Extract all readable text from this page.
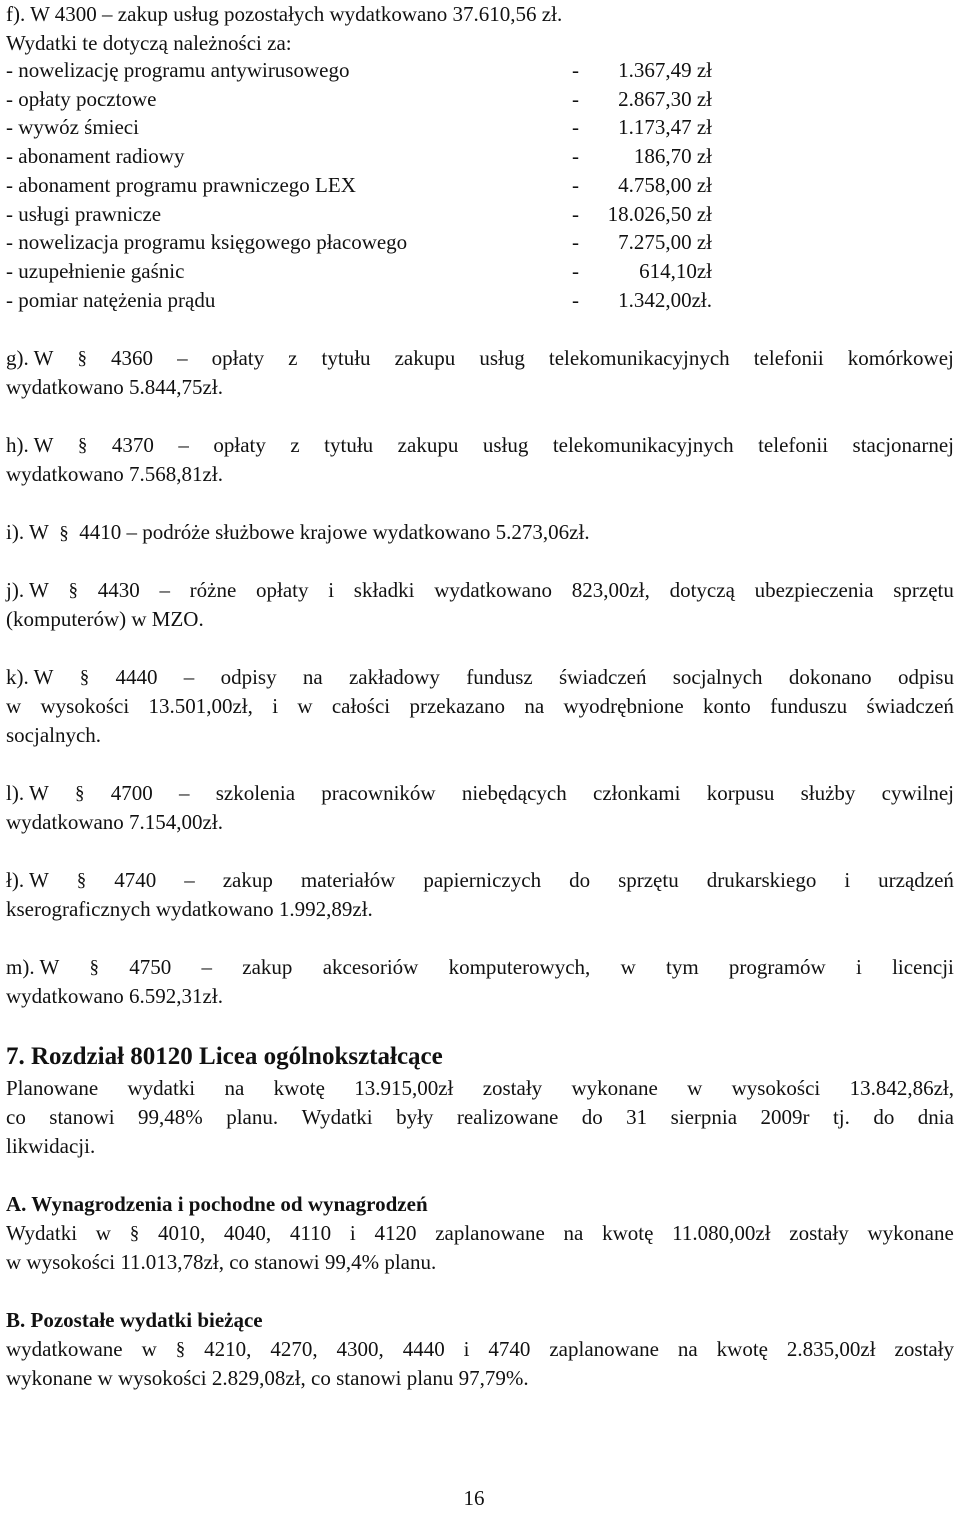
f). W 4300 – zakup usług pozostałych wydatkowano 37.610,56 zł.
Wydatki te dotyczą należności za:
- nowelizację programu antywirusowego	- 1.367,49 zł
- opłaty pocztowe	- 2.867,30 zł
- wywóz śmieci	- 1.173,47 zł
- abonament radiowy	-	186,70 zł
- abonament programu prawniczego LEX	- 4.758,00 zł
- usługi prawnicze	- 18.026,50 zł
- nowelizacja programu księgowego płacowego	- 7.275,00 zł
- uzupełnienie gaśnic	-	614,10zł
- pomiar natężenia prądu	- 1.342,00zł.
g). W § 4360 – opłaty z tytułu zakupu usług telekomunikacyjnych telefonii komórkowej
wydatkowano 5.844,75zł.
h). W § 4370 – opłaty z tytułu zakupu usług telekomunikacyjnych telefonii stacjonarnej
wydatkowano 7.568,81zł.
i). W § 4410 – podróże służbowe krajowe wydatkowano 5.273,06zł.
j). W § 4430 – różne opłaty i składki wydatkowano 823,00zł, dotyczą ubezpieczenia sprzętu
(komputerów) w MZO.
k). W § 4440 – odpisy na zakładowy fundusz świadczeń socjalnych dokonano odpisu
w wysokości 13.501,00zł, i w całości przekazano na wyodrębnione konto funduszu świadczeń
socjalnych.
l). W § 4700 – szkolenia pracowników niebędących członkami korpusu służby cywilnej
wydatkowano 7.154,00zł.
ł). W § 4740 – zakup materiałów papierniczych do sprzętu drukarskiego i urządzeń
kserograficznych wydatkowano 1.992,89zł.
m). W § 4750 – zakup akcesoriów komputerowych, w tym programów i licencji
wydatkowano 6.592,31zł.
7. Rozdział 80120 Licea ogólnokształcące
Planowane wydatki na kwotę 13.915,00zł zostały wykonane w wysokości 13.842,86zł,
co stanowi 99,48% planu. Wydatki były realizowane do 31 sierpnia 2009r tj. do dnia
likwidacji.
A. Wynagrodzenia i pochodne od wynagrodzeń
Wydatki w § 4010, 4040, 4110 i 4120 zaplanowane na kwotę 11.080,00zł zostały wykonane
w wysokości 11.013,78zł, co stanowi 99,4% planu.
B. Pozostałe wydatki bieżące
wydatkowane w § 4210, 4270, 4300, 4440 i 4740 zaplanowane na kwotę 2.835,00zł zostały
wykonane w wysokości 2.829,08zł, co stanowi planu 97,79%.
16
